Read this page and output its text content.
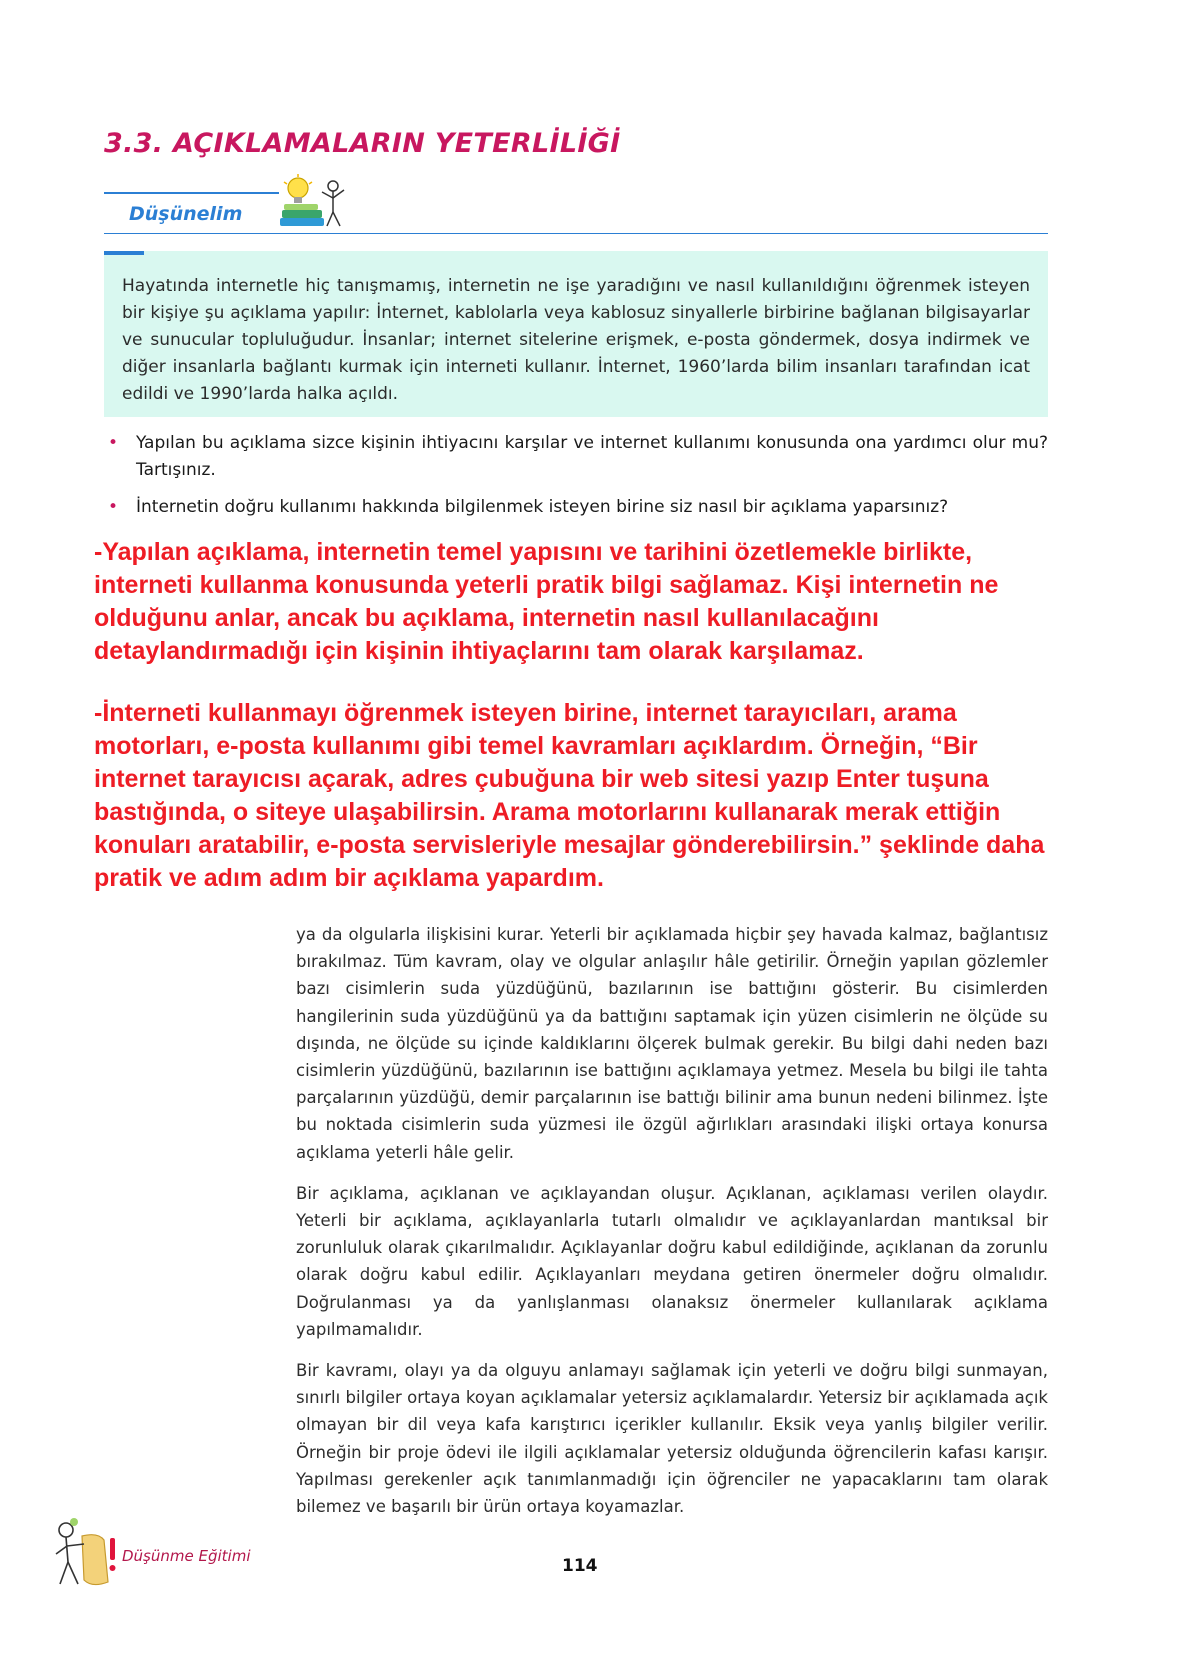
3.3. AÇIKLAMALARIN YETERLİLİĞİ
Düşünelim

Hayatında internetle hiç tanışmamış, internetin ne işe yaradığını ve nasıl kullanıldığını öğrenmek isteyen bir kişiye şu açıklama yapılır: İnternet, kablolarla veya kablosuz sinyallerle birbirine bağlanan bilgisayarlar ve sunucular topluluğudur. İnsanlar; internet sitelerine erişmek, e-posta göndermek, dosya indirmek ve diğer insanlarla bağlantı kurmak için interneti kullanır. İnternet, 1960’larda bilim insanları tarafından icat edildi ve 1990’larda halka açıldı.

• Yapılan bu açıklama sizce kişinin ihtiyacını karşılar ve internet kullanımı konusunda ona yardımcı olur mu? Tartışınız.
• İnternetin doğru kullanımı hakkında bilgilenmek isteyen birine siz nasıl bir açıklama yaparsınız?

-Yapılan açıklama, internetin temel yapısını ve tarihini özetlemekle birlikte, interneti kullanma konusunda yeterli pratik bilgi sağlamaz. Kişi internetin ne olduğunu anlar, ancak bu açıklama, internetin nasıl kullanılacağını detaylandırmadığı için kişinin ihtiyaçlarını tam olarak karşılamaz.

-İnterneti kullanmayı öğrenmek isteyen birine, internet tarayıcıları, arama motorları, e-posta kullanımı gibi temel kavramları açıklardım. Örneğin, “Bir internet tarayıcısı açarak, adres çubuğuna bir web sitesi yazıp Enter tuşuna bastığında, o siteye ulaşabilirsin. Arama motorlarını kullanarak merak ettiğin konuları aratabilir, e-posta servisleriyle mesajlar gönderebilirsin.” şeklinde daha pratik ve adım adım bir açıklama yapardım.

ya da olgularla ilişkisini kurar. Yeterli bir açıklamada hiçbir şey havada kalmaz, bağlantısız bırakılmaz. Tüm kavram, olay ve olgular anlaşılır hâle getirilir. Örneğin yapılan gözlemler bazı cisimlerin suda yüzdüğünü, bazılarının ise battığını gösterir. Bu cisimlerden hangilerinin suda yüzdüğünü ya da battığını saptamak için yüzen cisimlerin ne ölçüde su dışında, ne ölçüde su içinde kaldıklarını ölçerek bulmak gerekir. Bu bilgi dahi neden bazı cisimlerin yüzdüğünü, bazılarının ise battığını açıklamaya yetmez. Mesela bu bilgi ile tahta parçalarının yüzdüğü, demir parçalarının ise battığı bilinir ama bunun nedeni bilinmez. İşte bu noktada cisimlerin suda yüzmesi ile özgül ağırlıkları arasındaki ilişki ortaya konursa açıklama yeterli hâle gelir.

Bir açıklama, açıklanan ve açıklayandan oluşur. Açıklanan, açıklaması verilen olaydır. Yeterli bir açıklama, açıklayanlarla tutarlı olmalıdır ve açıklayanlardan mantıksal bir zorunluluk olarak çıkarılmalıdır. Açıklayanlar doğru kabul edildiğinde, açıklanan da zorunlu olarak doğru kabul edilir. Açıklayanları meydana getiren önermeler doğru olmalıdır. Doğrulanması ya da yanlışlanması olanaksız önermeler kullanılarak açıklama yapılmamalıdır.

Bir kavramı, olayı ya da olguyu anlamayı sağlamak için yeterli ve doğru bilgi sunmayan, sınırlı bilgiler ortaya koyan açıklamalar yetersiz açıklamalardır. Yetersiz bir açıklamada açık olmayan bir dil veya kafa karıştırıcı içerikler kullanılır. Eksik veya yanlış bilgiler verilir. Örneğin bir proje ödevi ile ilgili açıklamalar yetersiz olduğunda öğrencilerin kafası karışır. Yapılması gerekenler açık tanımlanmadığı için öğrenciler ne yapacaklarını tam olarak bilemez ve başarılı bir ürün ortaya koyamazlar.

Düşünme Eğitimi	114
